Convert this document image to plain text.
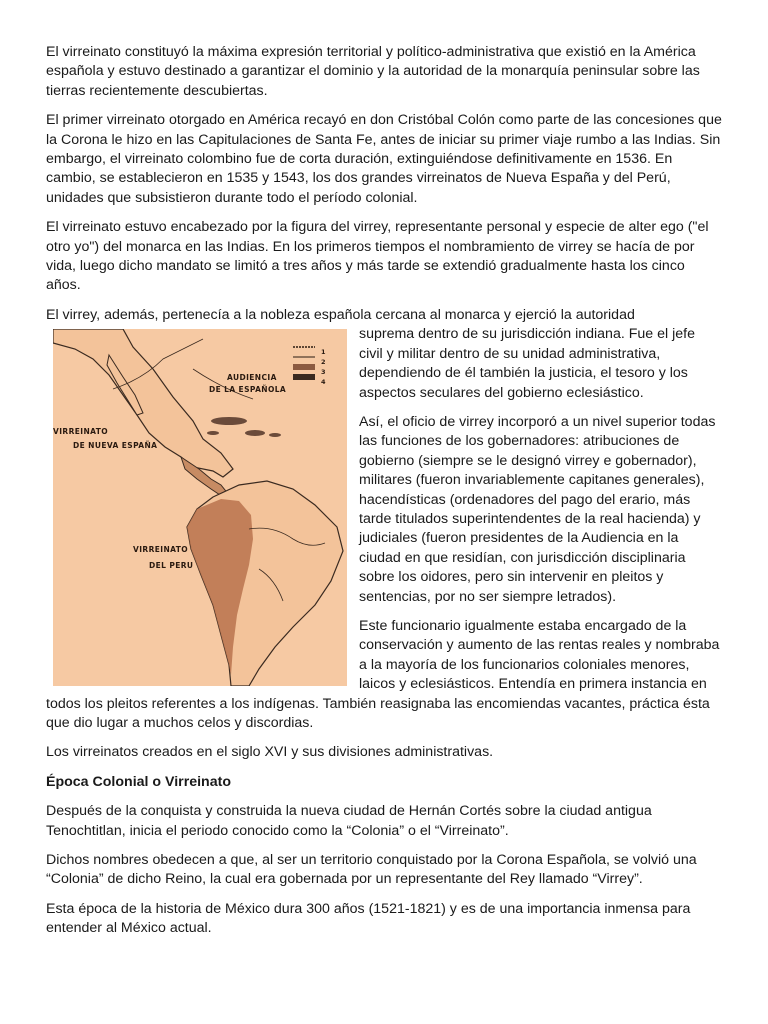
El virreinato constituyó la máxima expresión territorial y político-administrativa que existió en la América española y estuvo destinado a garantizar el dominio y la autoridad de la monarquía peninsular sobre las tierras recientemente descubiertas.

El primer virreinato otorgado en América recayó en don Cristóbal Colón como parte de las concesiones que la Corona le hizo en las Capitulaciones de Santa Fe, antes de iniciar su primer viaje rumbo a las Indias. Sin embargo, el virreinato colombino fue de corta duración, extinguiéndose definitivamente en 1536. En cambio, se establecieron en 1535 y 1543, los dos grandes virreinatos de Nueva España y del Perú, unidades que subsistieron durante todo el período colonial.

El virreinato estuvo encabezado por la figura del virrey, representante personal y especie de alter ego ("el otro yo") del monarca en las Indias. En los primeros tiempos el nombramiento de virrey se hacía de por vida, luego dicho mandato se limitó a tres años y más tarde se extendió gradualmente hasta los cinco años.

El virrey, además, pertenecía a la nobleza española cercana al monarca y ejerció la autoridad

1
2
3
4
AUDIENCIA
DE LA ESPAÑOLA
VIRREINATO
DE NUEVA ESPAÑA
VIRREINATO
DEL PERU

suprema dentro de su jurisdicción indiana. Fue el jefe civil y militar dentro de su unidad administrativa, dependiendo de él también la justicia, el tesoro y los aspectos seculares del gobierno eclesiástico.

Así, el oficio de virrey incorporó a un nivel superior todas las funciones de los gobernadores: atribuciones de gobierno (siempre se le designó virrey e gobernador), militares (fueron invariablemente capitanes generales), hacendísticas (ordenadores del pago del erario, más tarde titulados superintendentes de la real hacienda) y judiciales (fueron presidentes de la Audiencia en la ciudad en que residían, con jurisdicción disciplinaria sobre los oidores, pero sin intervenir en pleitos y sentencias, por no ser siempre letrados).

Este funcionario igualmente estaba encargado de la conservación y aumento de las rentas reales y nombraba a la mayoría de los funcionarios coloniales menores, laicos y eclesiásticos. Entendía en primera instancia en todos los pleitos referentes a los indígenas. También reasignaba las encomiendas vacantes, práctica ésta que dio lugar a muchos celos y discordias.

Los virreinatos creados en el siglo XVI y sus divisiones administrativas.

Época Colonial o Virreinato

Después de la conquista y construida la nueva ciudad de Hernán Cortés sobre la ciudad antigua Tenochtitlan, inicia el periodo conocido como la “Colonia” o el “Virreinato”.

Dichos nombres obedecen a que, al ser un territorio conquistado por la Corona Española, se volvió una “Colonia” de dicho Reino, la cual era gobernada por un representante del Rey llamado “Virrey”.

Esta época de la historia de México dura 300 años (1521-1821) y es de una importancia inmensa para entender al México actual.
